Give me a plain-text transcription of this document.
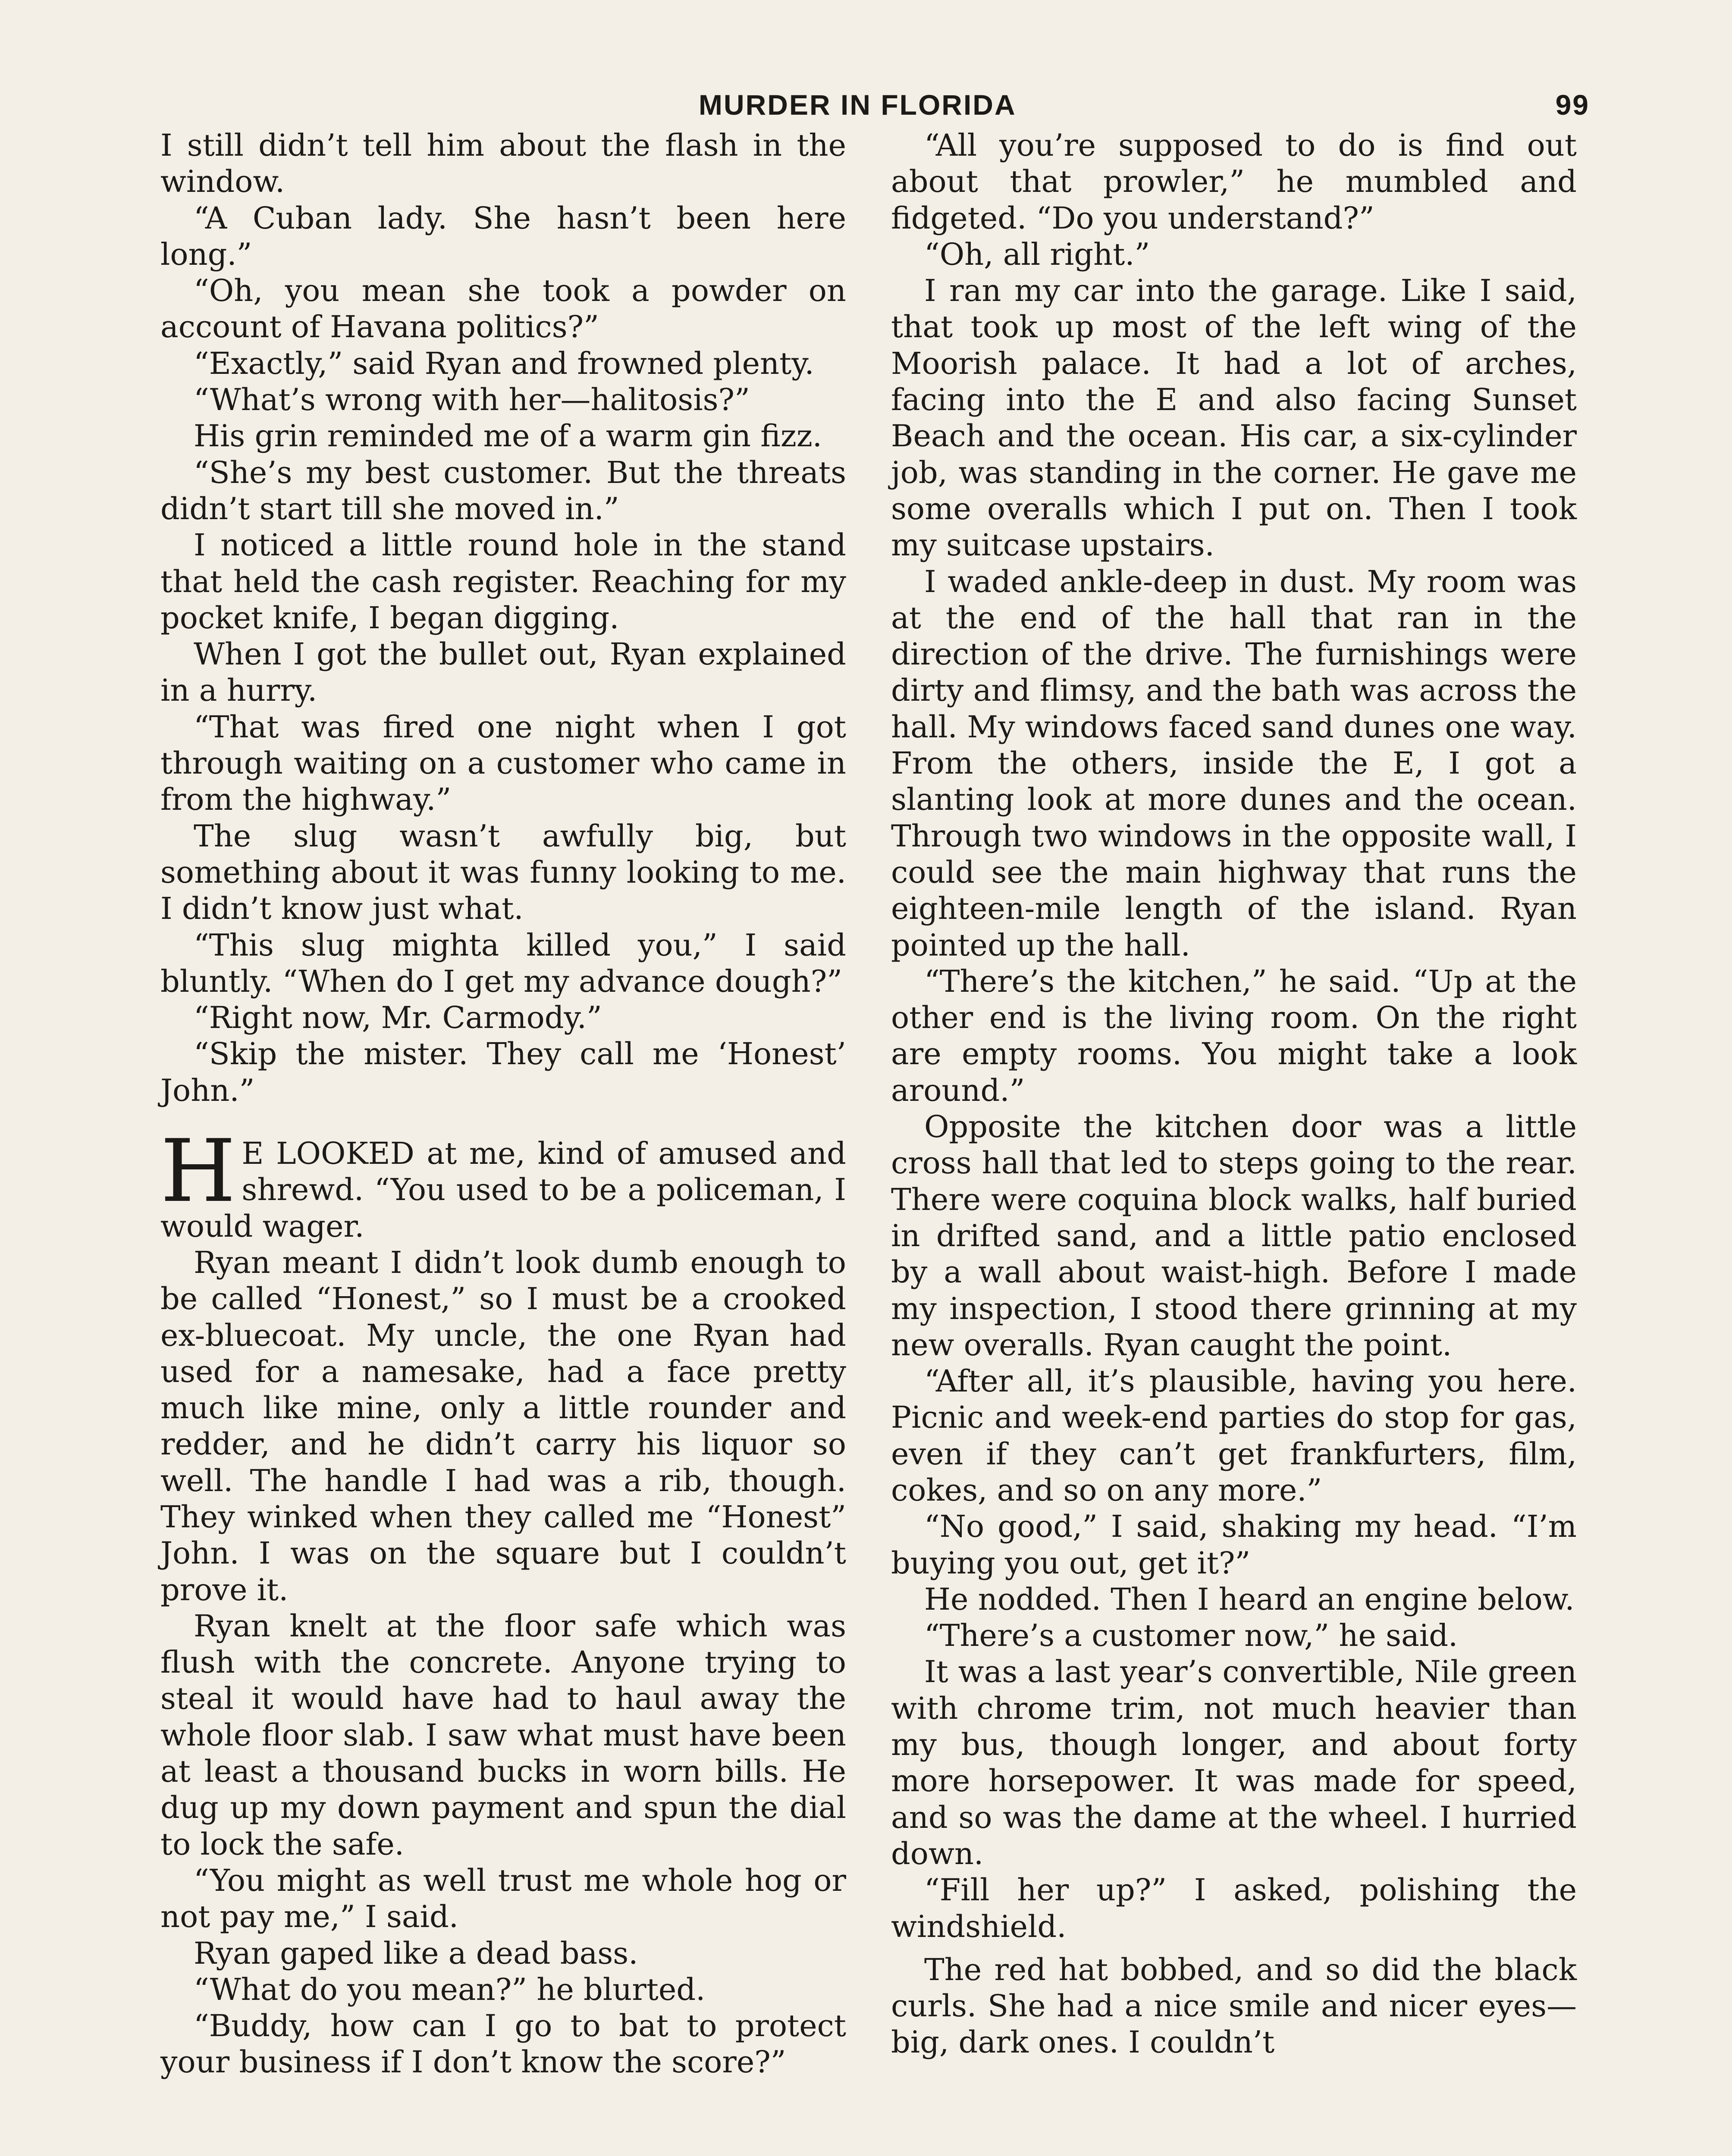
MURDER IN FLORIDA	99

I still didn’t tell him about the flash in the window.

“A Cuban lady. She hasn’t been here long.”

“Oh, you mean she took a powder on account of Havana politics?”

“Exactly,” said Ryan and frowned plenty.

“What’s wrong with her—halitosis?”

His grin reminded me of a warm gin fizz.

“She’s my best customer. But the threats didn’t start till she moved in.”

I noticed a little round hole in the stand that held the cash register. Reaching for my pocket knife, I began digging.

When I got the bullet out, Ryan explained in a hurry.

“That was fired one night when I got through waiting on a customer who came in from the highway.”

The slug wasn’t awfully big, but something about it was funny looking to me. I didn’t know just what.

“This slug mighta killed you,” I said bluntly. “When do I get my advance dough?”

“Right now, Mr. Carmody.”

“Skip the mister. They call me ‘Honest’ John.”

H E LOOKED at me, kind of amused and shrewd. “You used to be a policeman, I would wager.

Ryan meant I didn’t look dumb enough to be called “Honest,” so I must be a crooked ex-bluecoat. My uncle, the one Ryan had used for a namesake, had a face pretty much like mine, only a little rounder and redder, and he didn’t carry his liquor so well. The handle I had was a rib, though. They winked when they called me “Honest” John. I was on the square but I couldn’t prove it.

Ryan knelt at the floor safe which was flush with the concrete. Anyone trying to steal it would have had to haul away the whole floor slab. I saw what must have been at least a thousand bucks in worn bills. He dug up my down payment and spun the dial to lock the safe.

“You might as well trust me whole hog or not pay me,” I said.

Ryan gaped like a dead bass.

“What do you mean?” he blurted.

“Buddy, how can I go to bat to protect your business if I don’t know the score?”

“All you’re supposed to do is find out about that prowler,” he mumbled and fidgeted. “Do you understand?”

“Oh, all right.”

I ran my car into the garage. Like I said, that took up most of the left wing of the Moorish palace. It had a lot of arches, facing into the E and also facing Sunset Beach and the ocean. His car, a six-cylinder job, was standing in the corner. He gave me some overalls which I put on. Then I took my suitcase upstairs.

I waded ankle-deep in dust. My room was at the end of the hall that ran in the direction of the drive. The furnishings were dirty and flimsy, and the bath was across the hall. My windows faced sand dunes one way. From the others, inside the E, I got a slanting look at more dunes and the ocean. Through two windows in the opposite wall, I could see the main highway that runs the eighteen-mile length of the island. Ryan pointed up the hall.

“There’s the kitchen,” he said. “Up at the other end is the living room. On the right are empty rooms. You might take a look around.”

Opposite the kitchen door was a little cross hall that led to steps going to the rear. There were coquina block walks, half buried in drifted sand, and a little patio enclosed by a wall about waist-high. Before I made my inspection, I stood there grinning at my new overalls. Ryan caught the point.

“After all, it’s plausible, having you here. Picnic and week-end parties do stop for gas, even if they can’t get frankfurters, film, cokes, and so on any more.”

“No good,” I said, shaking my head. “I’m buying you out, get it?”

He nodded. Then I heard an engine below.

“There’s a customer now,” he said.

It was a last year’s convertible, Nile green with chrome trim, not much heavier than my bus, though longer, and about forty more horsepower. It was made for speed, and so was the dame at the wheel. I hurried down.

“Fill her up?” I asked, polishing the windshield.

The red hat bobbed, and so did the black curls. She had a nice smile and nicer eyes—big, dark ones. I couldn’t
